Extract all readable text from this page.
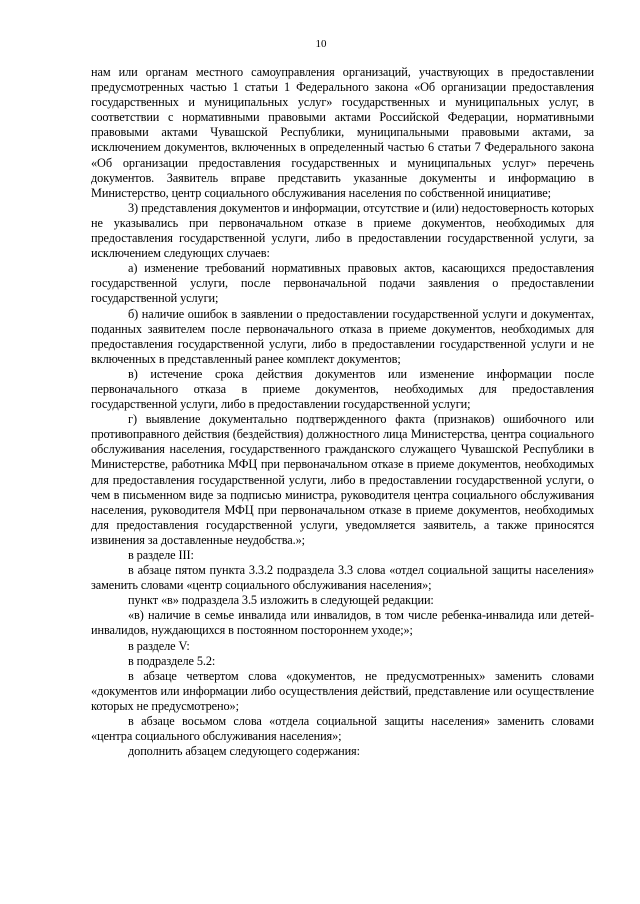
10

нам или органам местного самоуправления организаций, участвующих в предоставлении предусмотренных частью 1 статьи 1 Федерального закона «Об организации предоставления государственных и муниципальных услуг» государственных и муниципальных услуг, в соответствии с нормативными правовыми актами Российской Федерации, нормативными правовыми актами Чувашской Республики, муниципальными правовыми актами, за исключением документов, включенных в определенный частью 6 статьи 7 Федерального закона «Об организации предоставления государственных и муниципальных услуг» перечень документов. Заявитель вправе представить указанные документы и информацию в Министерство, центр социального обслуживания населения по собственной инициативе;

3) представления документов и информации, отсутствие и (или) недостоверность которых не указывались при первоначальном отказе в приеме документов, необходимых для предоставления государственной услуги, либо в предоставлении государственной услуги, за исключением следующих случаев:

а) изменение требований нормативных правовых актов, касающихся предоставления государственной услуги, после первоначальной подачи заявления о предоставлении государственной услуги;

б) наличие ошибок в заявлении о предоставлении государственной услуги и документах, поданных заявителем после первоначального отказа в приеме документов, необходимых для предоставления государственной услуги, либо в предоставлении государственной услуги и не включенных в представленный ранее комплект документов;

в) истечение срока действия документов или изменение информации после первоначального отказа в приеме документов, необходимых для предоставления государственной услуги, либо в предоставлении государственной услуги;

г) выявление документально подтвержденного факта (признаков) ошибочного или противоправного действия (бездействия) должностного лица Министерства, центра социального обслуживания населения, государственного гражданского служащего Чувашской Республики в Министерстве, работника МФЦ при первоначальном отказе в приеме документов, необходимых для предоставления государственной услуги, либо в предоставлении государственной услуги, о чем в письменном виде за подписью министра, руководителя центра социального обслуживания населения, руководителя МФЦ при первоначальном отказе в приеме документов, необходимых для предоставления государственной услуги, уведомляется заявитель, а также приносятся извинения за доставленные неудобства.»;

в разделе III:

в абзаце пятом пункта 3.3.2 подраздела 3.3 слова «отдел социальной защиты населения» заменить словами «центр социального обслуживания населения»;

пункт «в» подраздела 3.5 изложить в следующей редакции:

«в) наличие в семье инвалида или инвалидов, в том числе ребенка-инвалида или детей-инвалидов, нуждающихся в постоянном постороннем уходе;»;

в разделе V:

в подразделе 5.2:

в абзаце четвертом слова «документов, не предусмотренных» заменить словами «документов или информации либо осуществления действий, представление или осуществление которых не предусмотрено»;

в абзаце восьмом слова «отдела социальной защиты населения» заменить словами «центра социального обслуживания населения»;

дополнить абзацем следующего содержания:
